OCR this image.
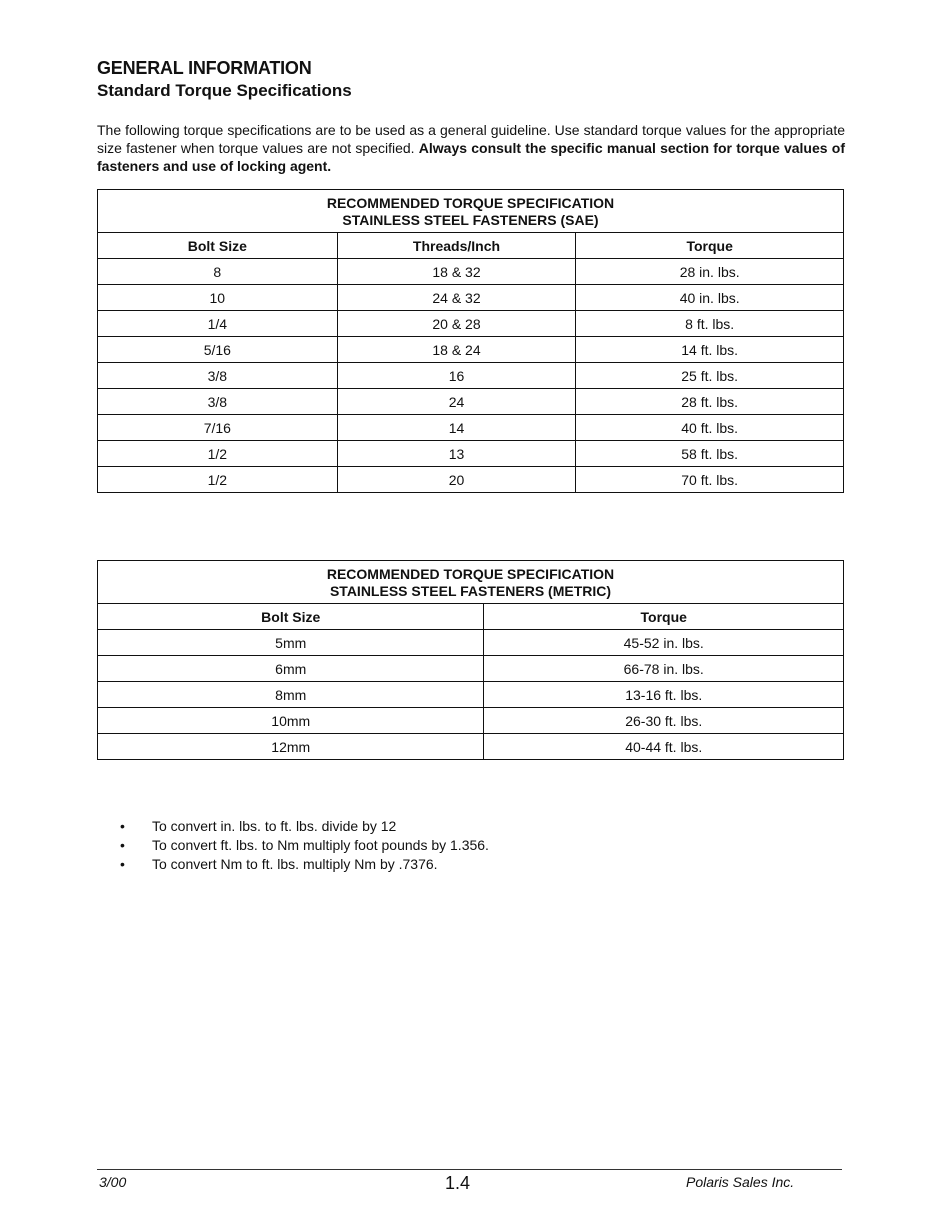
GENERAL INFORMATION
Standard Torque Specifications
The following torque specifications are to be used as a general guideline. Use standard torque values for the appropriate size fastener when torque values are not specified. Always consult the specific manual section for torque values of fasteners and use of locking agent.
RECOMMENDED TORQUE SPECIFICATION
STAINLESS STEEL FASTENERS (SAE)		

Bolt Size	Threads/Inch	Torque
8	18 & 32	28 in. lbs.
10	24 & 32	40 in. lbs.
1/4	20 & 28	8 ft. lbs.
5/16	18 & 24	14 ft. lbs.
3/8	16	25 ft. lbs.
3/8	24	28 ft. lbs.
7/16	14	40 ft. lbs.
1/2	13	58 ft. lbs.
1/2	20	70 ft. lbs.
RECOMMENDED TORQUE SPECIFICATION
STAINLESS STEEL FASTENERS (METRIC)	

Bolt Size	Torque
5mm	45-52 in. lbs.
6mm	66-78 in. lbs.
8mm	13-16 ft. lbs.
10mm	26-30 ft. lbs.
12mm	40-44 ft. lbs.
• To convert in. lbs. to ft. lbs. divide by 12
• To convert ft. lbs. to Nm multiply foot pounds by 1.356.
• To convert Nm to ft. lbs. multiply Nm by .7376.
3/00	1.4	Polaris Sales Inc.
